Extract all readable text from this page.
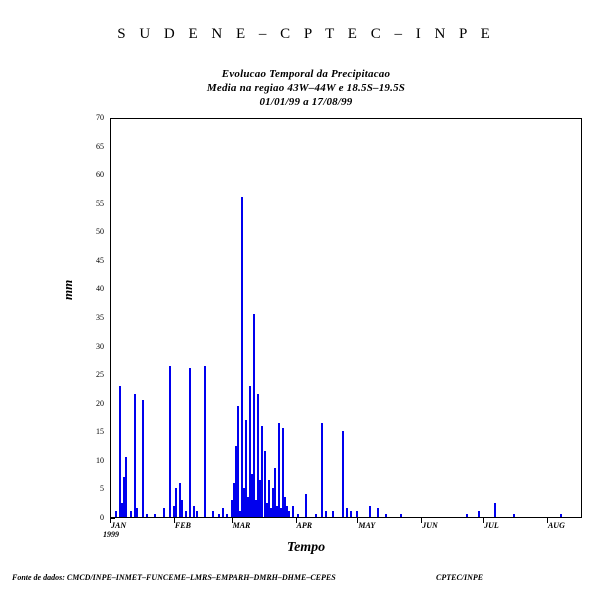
S U D E N E – C P T E C – I N P E
Evolucao Temporal da Precipitacao
Media na regiao 43W–44W e 18.5S–19.5S
01/01/99 a 17/08/99
mm
0
5
10
15
20
25
30
35
40
45
50
55
60
65
70
JAN	FEB	MAR	APR	MAY	JUN	JUL	AUG
1999
Tempo
Fonte de dados: CMCD/INPE–INMET–FUNCEME–LMRS–EMPARH–DMRH–DHME–CEPES	CPTEC/INPE
